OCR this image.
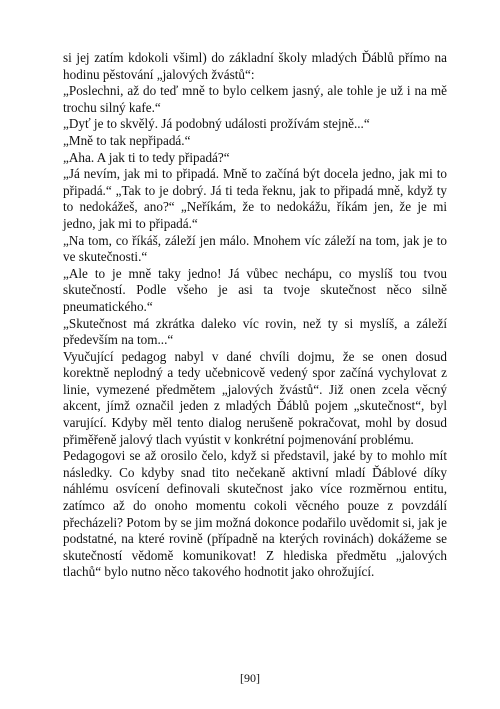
si jej zatím kdokoli všiml) do základní školy mladých Ďáblů přímo na hodinu pěstování „jalových žvástů“:

„Poslechni, až do teď mně to bylo celkem jasný, ale tohle je už i na mě trochu silný kafe.“

„Dyť je to skvělý. Já podobný události prožívám stejně...“

„Mně to tak nepřipadá.“

„Aha. A jak ti to tedy připadá?“

„Já nevím, jak mi to připadá. Mně to začíná být docela jedno, jak mi to připadá.“ „Tak to je dobrý. Já ti teda řeknu, jak to připadá mně, když ty to nedokážeš, ano?“ „Neříkám, že to nedokážu, říkám jen, že je mi jedno, jak mi to připadá.“

„Na tom, co říkáš, záleží jen málo. Mnohem víc záleží na tom, jak je to ve skutečnosti.“

„Ale to je mně taky jedno! Já vůbec nechápu, co myslíš tou tvou skutečností. Podle všeho je asi ta tvoje skutečnost něco silně pneumatického.“

„Skutečnost má zkrátka daleko víc rovin, než ty si myslíš, a záleží především na tom...“

Vyučující pedagog nabyl v dané chvíli dojmu, že se onen dosud korektně neplodný a tedy učebnicově vedený spor začíná vychylovat z linie, vymezené předmětem „jalových žvástů“. Již onen zcela věcný akcent, jímž označil jeden z mladých Ďáblů pojem „skutečnost“, byl varující. Kdyby měl tento dialog nerušeně pokračovat, mohl by dosud přiměřeně jalový tlach vyústit v konkrétní pojmenování problému.

Pedagogovi se až orosilo čelo, když si představil, jaké by to mohlo mít následky. Co kdyby snad tito nečekaně aktivní mladí Ďáblové díky náhlému osvícení definovali skutečnost jako více rozměrnou entitu, zatímco až do onoho momentu cokoli věcného pouze z povzdálí přecházeli? Potom by se jim možná dokonce podařilo uvědomit si, jak je podstatné, na které rovině (případně na kterých rovinách) dokážeme se skutečností vědomě komunikovat! Z hlediska předmětu „jalových tlachů“ bylo nutno něco takového hodnotit jako ohrožující.

[90]
